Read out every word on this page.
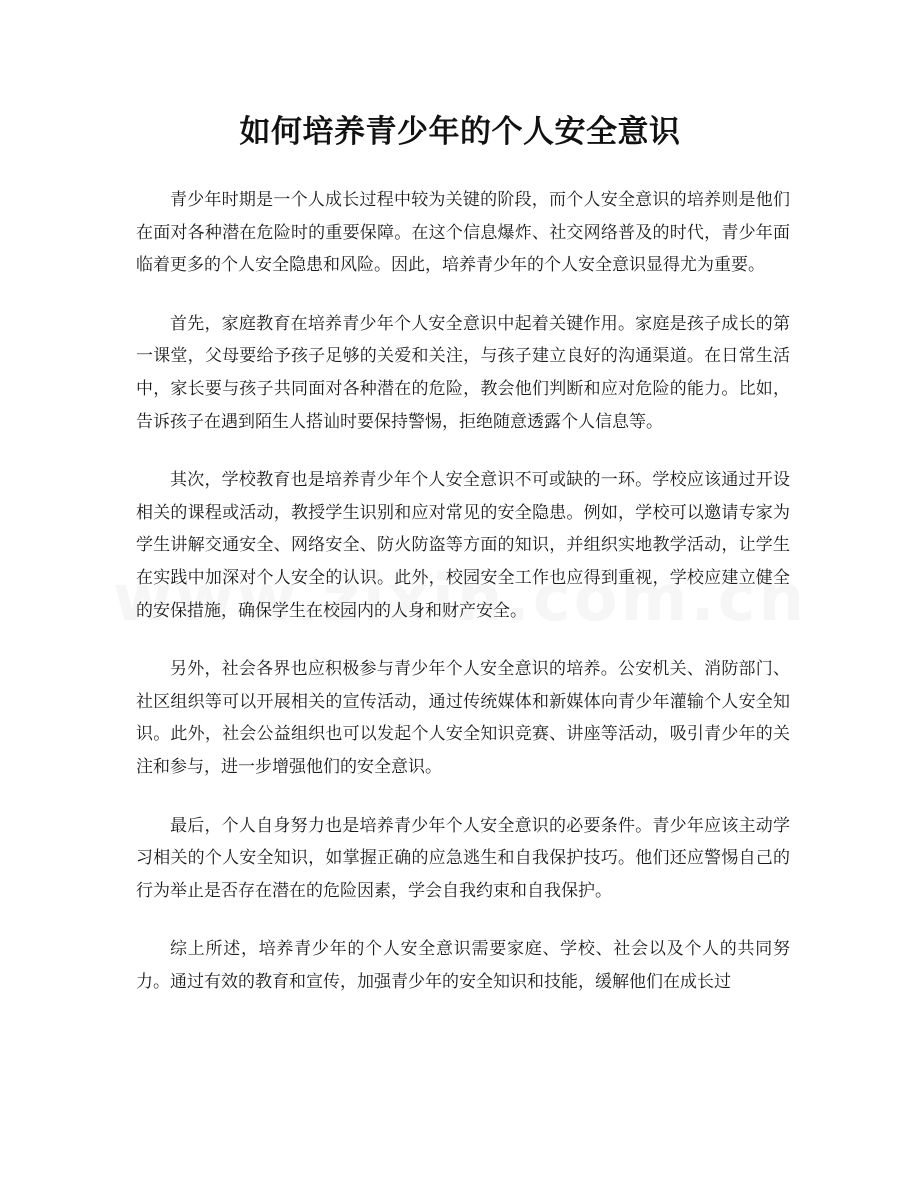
如何培养青少年的个人安全意识

青少年时期是一个人成长过程中较为关键的阶段，而个人安全意识的培养则是他们在面对各种潜在危险时的重要保障。在这个信息爆炸、社交网络普及的时代，青少年面临着更多的个人安全隐患和风险。因此，培养青少年的个人安全意识显得尤为重要。

首先，家庭教育在培养青少年个人安全意识中起着关键作用。家庭是孩子成长的第一课堂，父母要给予孩子足够的关爱和关注，与孩子建立良好的沟通渠道。在日常生活中，家长要与孩子共同面对各种潜在的危险，教会他们判断和应对危险的能力。比如，告诉孩子在遇到陌生人搭讪时要保持警惕，拒绝随意透露个人信息等。

其次，学校教育也是培养青少年个人安全意识不可或缺的一环。学校应该通过开设相关的课程或活动，教授学生识别和应对常见的安全隐患。例如，学校可以邀请专家为学生讲解交通安全、网络安全、防火防盗等方面的知识，并组织实地教学活动，让学生在实践中加深对个人安全的认识。此外，校园安全工作也应得到重视，学校应建立健全的安保措施，确保学生在校园内的人身和财产安全。

另外，社会各界也应积极参与青少年个人安全意识的培养。公安机关、消防部门、社区组织等可以开展相关的宣传活动，通过传统媒体和新媒体向青少年灌输个人安全知识。此外，社会公益组织也可以发起个人安全知识竞赛、讲座等活动，吸引青少年的关注和参与，进一步增强他们的安全意识。

最后，个人自身努力也是培养青少年个人安全意识的必要条件。青少年应该主动学习相关的个人安全知识，如掌握正确的应急逃生和自我保护技巧。他们还应警惕自己的行为举止是否存在潜在的危险因素，学会自我约束和自我保护。

综上所述，培养青少年的个人安全意识需要家庭、学校、社会以及个人的共同努力。通过有效的教育和宣传，加强青少年的安全知识和技能，缓解他们在成长过
